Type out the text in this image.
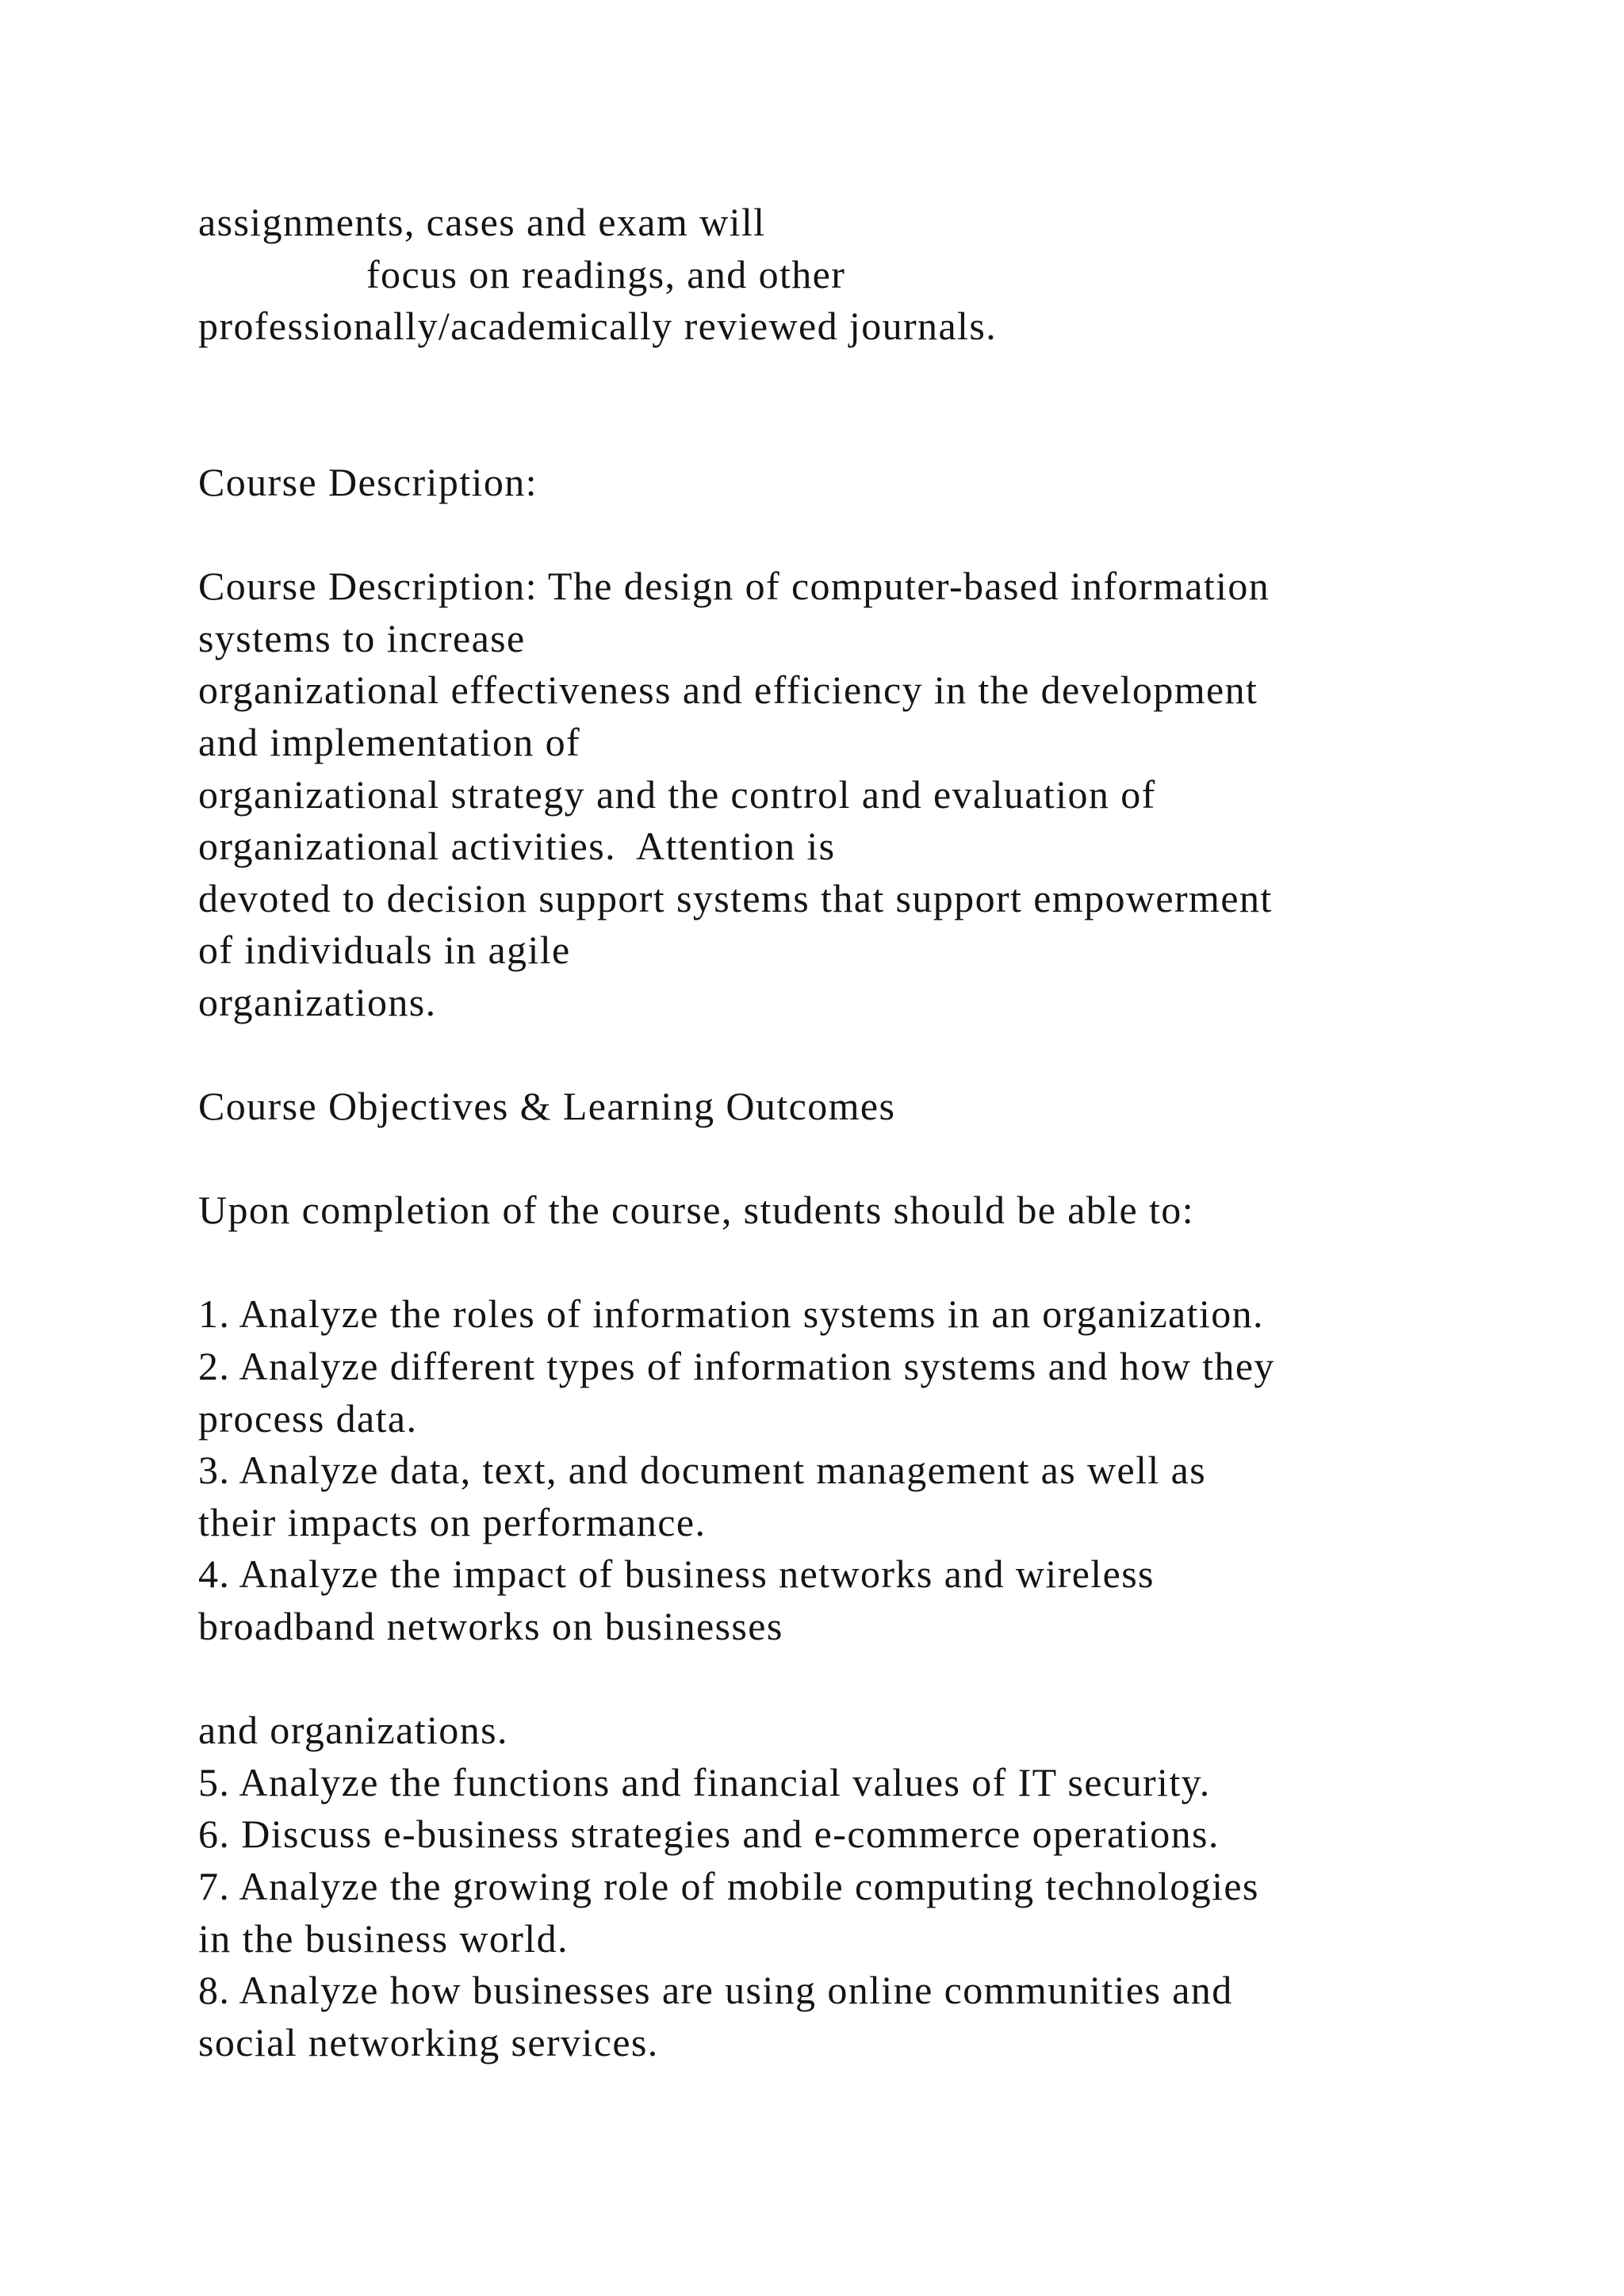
assignments, cases and exam will
focus on readings, and other
professionally/academically reviewed journals.
Course Description:
Course Description: The design of computer-based information
systems to increase
organizational effectiveness and efficiency in the development
and implementation of
organizational strategy and the control and evaluation of
organizational activities.  Attention is
devoted to decision support systems that support empowerment
of individuals in agile
organizations.
Course Objectives & Learning Outcomes
Upon completion of the course, students should be able to:
1. Analyze the roles of information systems in an organization.
2. Analyze different types of information systems and how they
process data.
3. Analyze data, text, and document management as well as
their impacts on performance.
4. Analyze the impact of business networks and wireless
broadband networks on businesses
and organizations.
5. Analyze the functions and financial values of IT security.
6. Discuss e-business strategies and e-commerce operations.
7. Analyze the growing role of mobile computing technologies
in the business world.
8. Analyze how businesses are using online communities and
social networking services.
